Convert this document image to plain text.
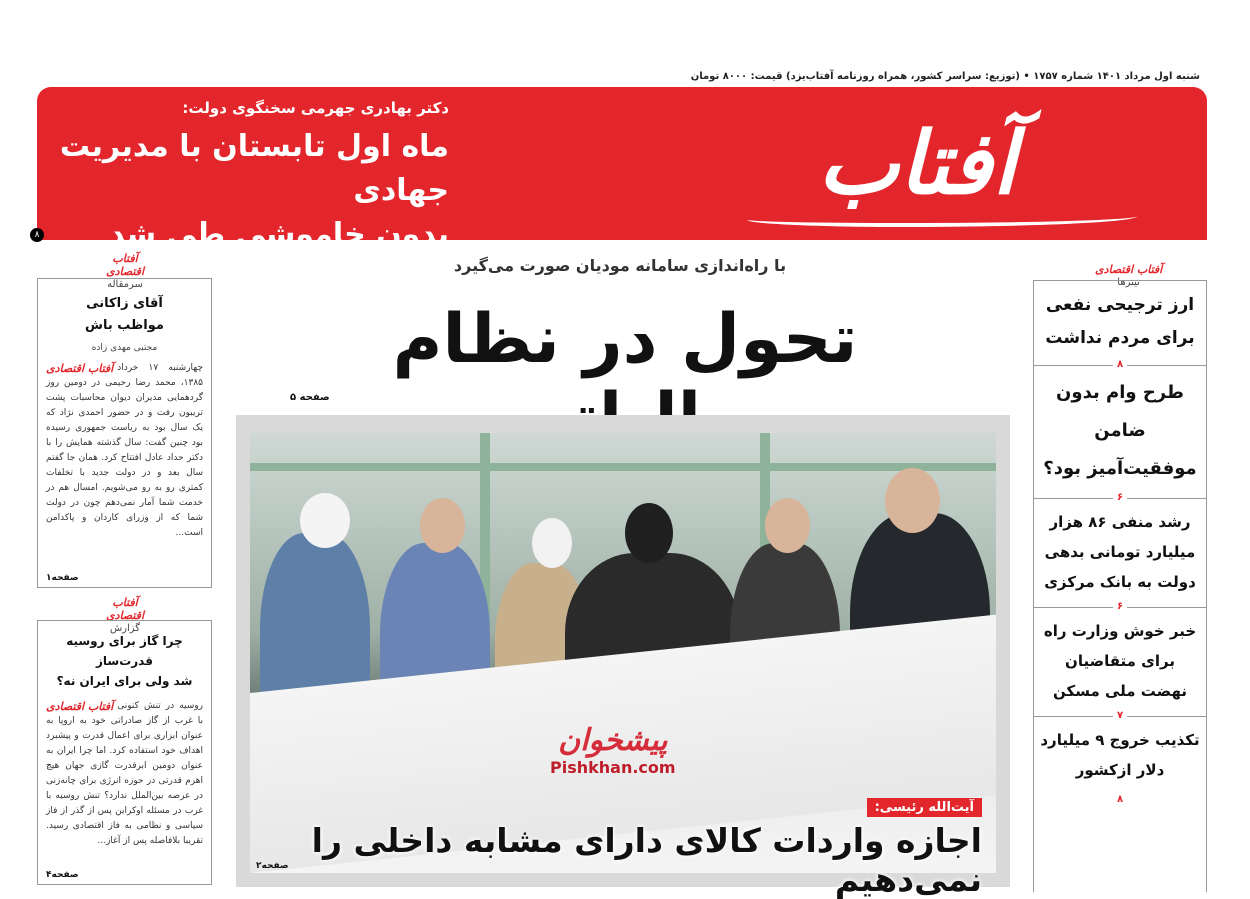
شنبه اول مرداد ۱۴۰۱ شماره ۱۷۵۷ • (توزیع: سراسر کشور، همراه روزنامه آفتاب‌یزد) قیمت: ۸۰۰۰ تومان
آفتاب اقتصادی
دکتر بهادری جهرمی سخنگوی دولت:
ماه اول تابستان با مدیریت جهادی
بدون خاموشی طی شد
۸
آفتاب اقتصادی
سرمقاله
آقای زاکانی
مواظب باش
مجتبی مهدی زاده
آفتاب اقتصادی چهارشنبه ۱۷ خرداد ۱۳۸۵، محمد رضا رحیمی در دومین روز گردهمایی مدیران دیوان محاسبات پشت تریبون رفت و در حضور احمدی نژاد که یک سال بود به ریاست جمهوری رسیده بود چنین گفت: سال گذشته همایش را با دکتر حداد عادل افتتاح کرد. همان جا گفتم سال بعد و در دولت جدید با تخلفات کمتری رو به رو می‌شویم. امسال هم در خدمت شما آمار نمی‌دهم چون در دولت شما که از وزرای کاردان و پاکدامن است...
صفحه۱
آفتاب اقتصادی
گزارش
چرا گاز برای روسیه قدرت‌ساز
شد ولی برای ایران نه؟
آفتاب اقتصادی روسیه در تنش کنونی با غرب از گاز صادراتی خود به اروپا به عنوان ابزاری برای اعمال قدرت و پیشبرد اهداف خود استفاده کرد. اما چرا ایران به عنوان دومین ابرقدرت گازی جهان هیچ اهرم قدرتی در حوزه انرژی برای چانه‌زنی در عرصه بین‌الملل ندارد؟ تنش روسیه با غرب در مسئله اوکراین پس از گذر از فاز سیاسی و نظامی به فاز اقتصادی رسید. تقریبا بلافاصله پس از آغاز...
صفحه۴
با راه‌اندازی سامانه مودیان صورت می‌گیرد
تحول در نظام
صفحه ۵
پیشخوان
Pishkhan.com
آیت‌الله رئیسی:
اجازه واردات کالای دارای مشابه داخلی را نمی‌دهیم
صفحه۲
آفتاب اقتصادی
تیترها
ارز ترجیحی نفعی برای مردم نداشت
۸
طرح وام بدون ضامن موفقیت‌آمیز بود؟
۶
رشد منفی ۸۶ هزار میلیارد تومانی بدهی دولت به بانک مرکزی
۶
خبر خوش وزارت راه برای متقاضیان نهضت ملی مسکن
۷
تکذیب خروج ۹ میلیارد دلار ازکشور
۸
